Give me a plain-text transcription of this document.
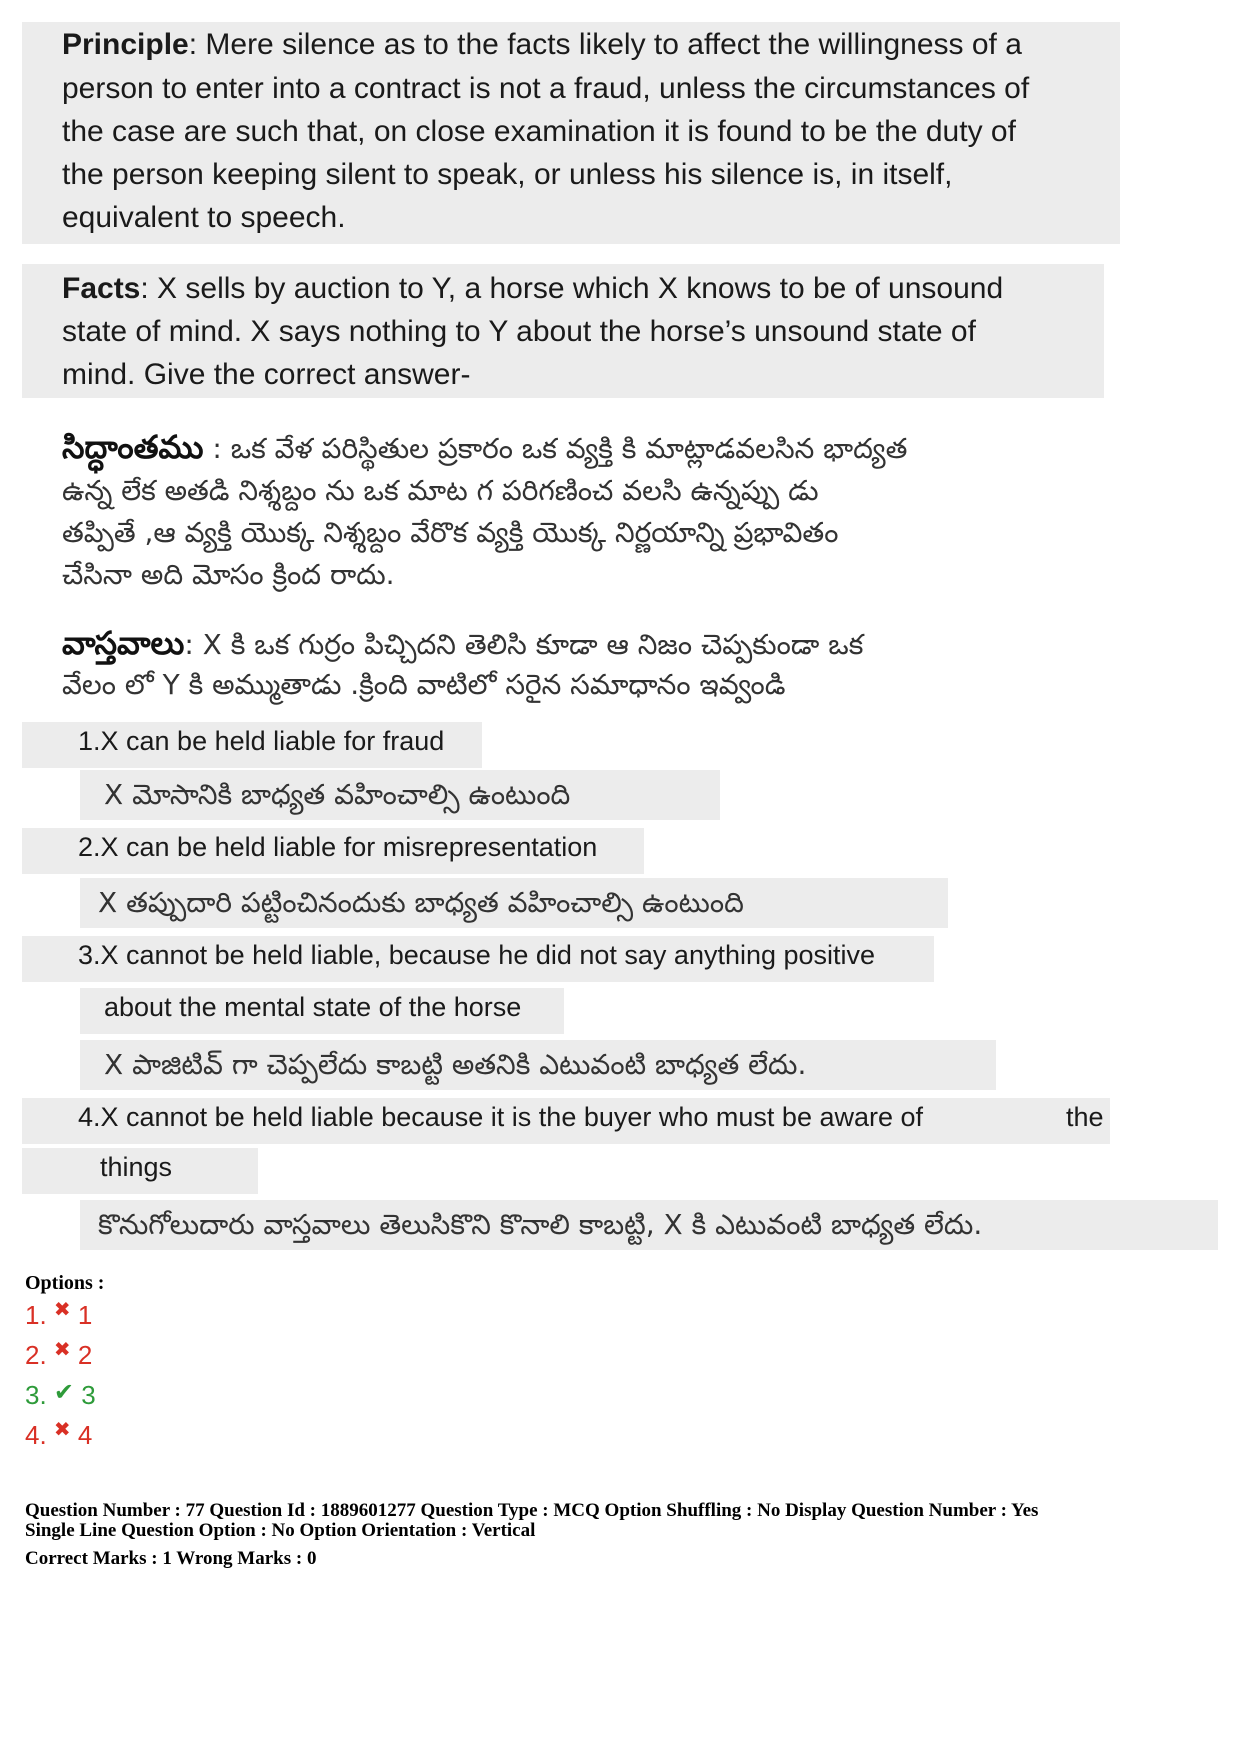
Principle: Mere silence as to the facts likely to affect the willingness of a
person to enter into a contract is not a fraud, unless the circumstances of
the case are such that, on close examination it is found to be the duty of
the person keeping silent to speak, or unless his silence is, in itself,
equivalent to speech.
Facts: X sells by auction to Y, a horse which X knows to be of unsound
state of mind. X says nothing to Y about the horse’s unsound state of
mind. Give the correct answer-
సిద్ధాంతము : ఒక వేళ పరిస్థితుల ప్రకారం ఒక వ్యక్తి కి మాట్లాడవలసిన భాద్యత
ఉన్న లేక అతడి నిశ్శబ్దం ను ఒక మాట గ పరిగణించ వలసి ఉన్నప్పు డు
తప్పితే ,ఆ వ్యక్తి యొక్క నిశ్శబ్దం వేరొక వ్యక్తి యొక్క నిర్ణయాన్ని ప్రభావితం
చేసినా అది మోసం క్రింద రాదు.
వాస్తవాలు: X కి ఒక గుర్రం పిచ్చిదని తెలిసి కూడా ఆ నిజం చెప్పకుండా ఒక
వేలం లో Y కి అమ్ముతాడు .క్రింది వాటిలో సరైన సమాధానం ఇవ్వండి
1.X can be held liable for fraud
X మోసానికి బాధ్యత వహించాల్సి ఉంటుంది
2.X can be held liable for misrepresentation
X తప్పుదారి పట్టించినందుకు బాధ్యత వహించాల్సి ఉంటుంది
3.X cannot be held liable, because he did not say anything positive
about the mental state of the horse
X పాజిటివ్ గా చెప్పలేదు కాబట్టి అతనికి ఎటువంటి బాధ్యత లేదు.
4.X cannot be held liable because it is the buyer who must be aware of	the
things
కొనుగోలుదారు వాస్తవాలు తెలుసికొని కొనాలి కాబట్టి, X కి ఎటువంటి బాధ్యత లేదు.
Options :
1. ✖ 1
2. ✖ 2
3. ✔ 3
4. ✖ 4
Question Number : 77 Question Id : 1889601277 Question Type : MCQ Option Shuffling : No Display Question Number : Yes
Single Line Question Option : No Option Orientation : Vertical
Correct Marks : 1 Wrong Marks : 0
